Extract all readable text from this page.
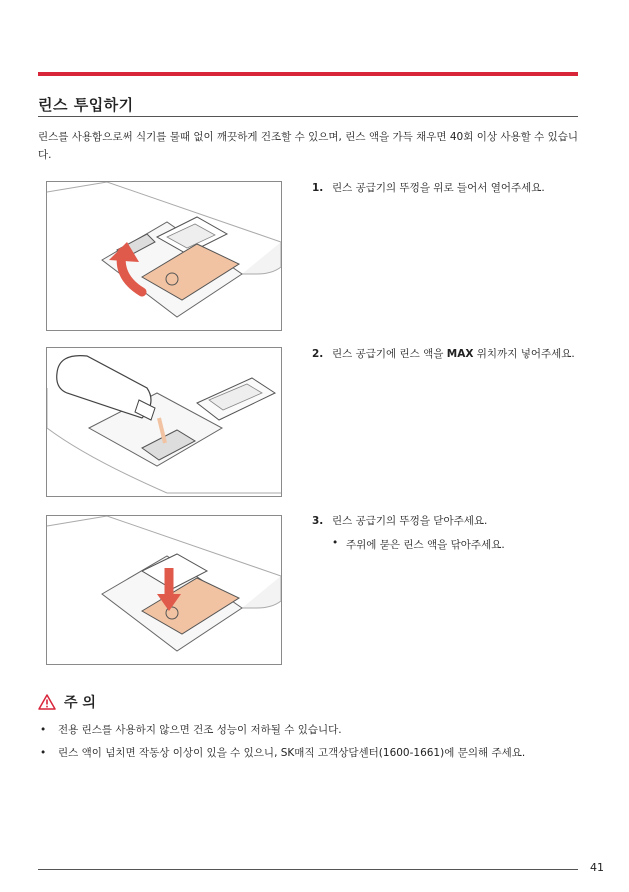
린스 투입하기
린스를 사용함으로써 식기를 물때 없이 깨끗하게 건조할 수 있으며, 린스 액을 가득 채우면 40회 이상 사용할 수 있습니다.
1. 린스 공급기의 뚜껑을 위로 들어서 열어주세요.
2. 린스 공급기에 린스 액을 MAX 위치까지 넣어주세요.
3. 린스 공급기의 뚜껑을 닫아주세요.
• 주위에 묻은 린스 액을 닦아주세요.
주 의
• 전용 린스를 사용하지 않으면 건조 성능이 저하될 수 있습니다.
• 린스 액이 넘치면 작동상 이상이 있을 수 있으니, SK매직 고객상담센터(1600-1661)에 문의해 주세요.
41
